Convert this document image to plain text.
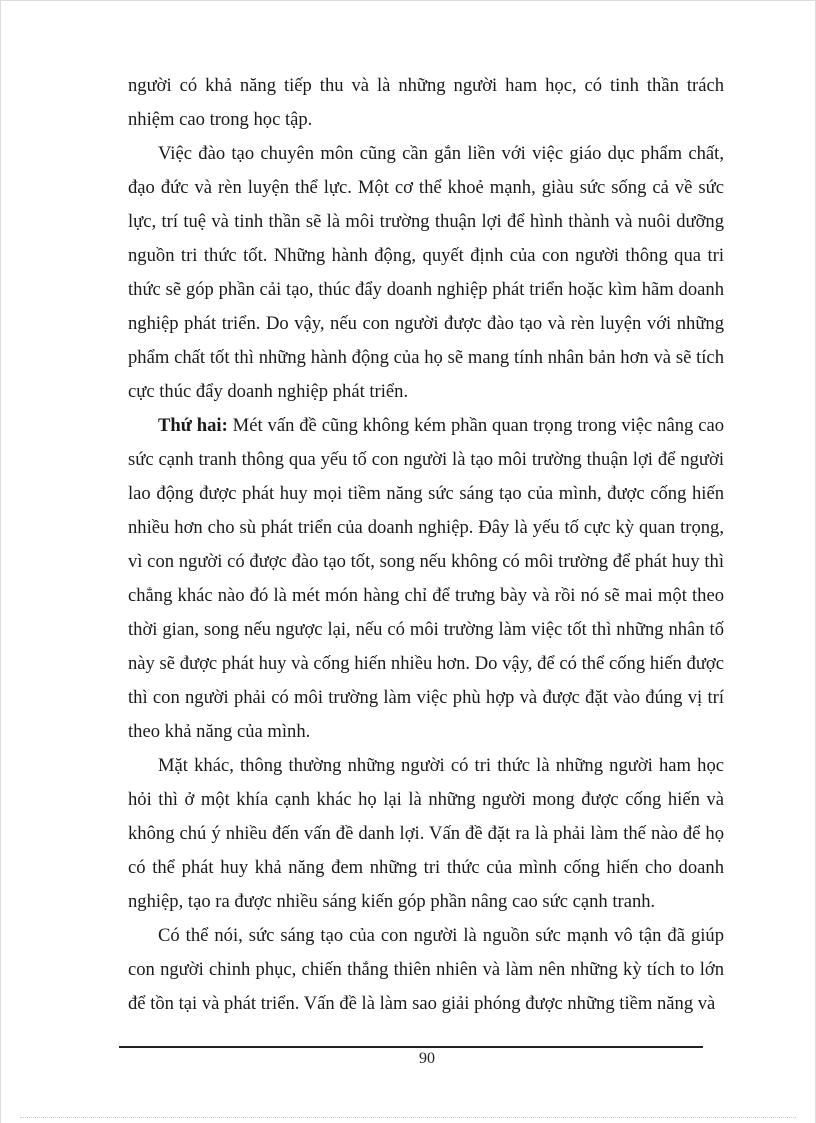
người có khả năng tiếp thu và là những người ham học, có tinh thần trách nhiệm cao trong học tập.

Việc đào tạo chuyên môn cũng cần gắn liền với việc giáo dục phẩm chất, đạo đức và rèn luyện thể lực. Một cơ thể khoẻ mạnh, giàu sức sống cả về sức lực, trí tuệ và tinh thần sẽ là môi trường thuận lợi để hình thành và nuôi dưỡng nguồn tri thức tốt. Những hành động, quyết định của con người thông qua tri thức sẽ góp phần cải tạo, thúc đẩy doanh nghiệp phát triển hoặc kìm hãm doanh nghiệp phát triển. Do vậy, nếu con người được đào tạo và rèn luyện với những phẩm chất tốt thì những hành động của họ sẽ mang tính nhân bản hơn và sẽ tích cực thúc đẩy doanh nghiệp phát triển.

Thứ hai: Mét vấn đề cũng không kém phần quan trọng trong việc nâng cao sức cạnh tranh thông qua yếu tố con người là tạo môi trường thuận lợi để người lao động được phát huy mọi tiềm năng sức sáng tạo của mình, được cống hiến nhiều hơn cho sù phát triển của doanh nghiệp. Đây là yếu tố cực kỳ quan trọng, vì con người có được đào tạo tốt, song nếu không có môi trường để phát huy thì chẳng khác nào đó là mét món hàng chỉ để trưng bày và rồi nó sẽ mai một theo thời gian, song nếu ngược lại, nếu có môi trường làm việc tốt thì những nhân tố này sẽ được phát huy và cống hiến nhiều hơn. Do vậy, để có thể cống hiến được thì con người phải có môi trường làm việc phù hợp và được đặt vào đúng vị trí theo khả năng của mình.

Mặt khác, thông thường những người có tri thức là những người ham học hỏi thì ở một khía cạnh khác họ lại là những người mong được cống hiến và không chú ý nhiều đến vấn đề danh lợi. Vấn đề đặt ra là phải làm thế nào để họ có thể phát huy khả năng đem những tri thức của mình cống hiến cho doanh nghiệp, tạo ra được nhiều sáng kiến góp phần nâng cao sức cạnh tranh.

Có thể nói, sức sáng tạo của con người là nguồn sức mạnh vô tận đã giúp con người chinh phục, chiến thắng thiên nhiên và làm nên những kỳ tích to lớn để tồn tại và phát triển. Vấn đề là làm sao giải phóng được những tiềm năng và

90
